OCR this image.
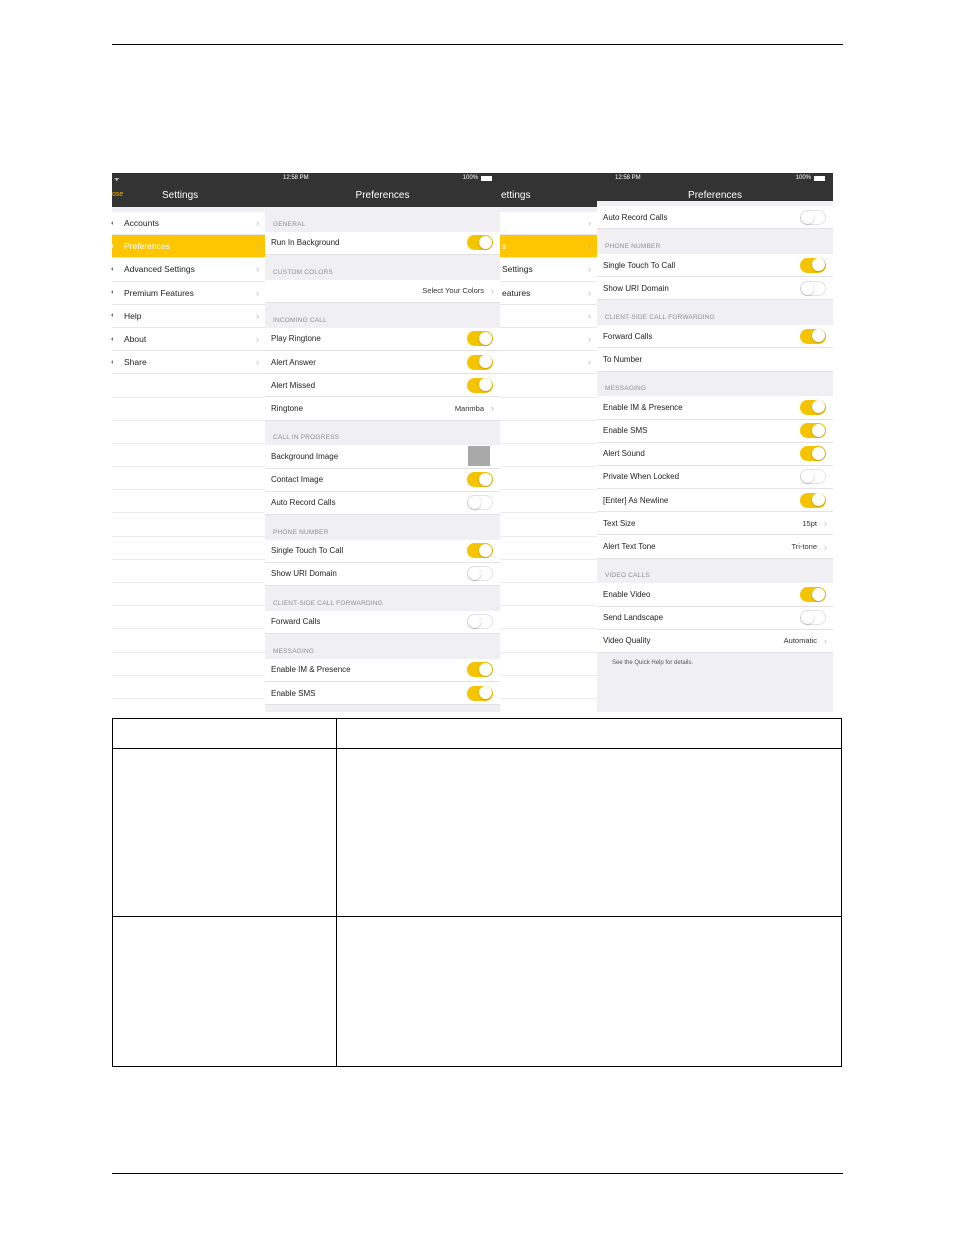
ᯤ
ose	Settings
◖ Accounts	›
◖ Preferences	›
◖ Advanced Settings	›
◖ Premium Features	›
◖ Help	›
◖ About	›
◖ Share	›
12:58 PM	100%
Preferences
GENERAL
Run In Background
CUSTOM COLORS
Select Your Colors ›
INCOMING CALL
Play Ringtone
Alert Answer
Alert Missed
Ringtone	Marimba ›
CALL IN PROGRESS
Background Image
Contact Image
Auto Record Calls
PHONE NUMBER
Single Touch To Call
Show URI Domain
CLIENT-SIDE CALL FORWARDING
Forward Calls
MESSAGING
Enable IM & Presence
Enable SMS
ettings
›
s	›
Settings	›
eatures	›
›
›
›
12:58 PM	100%
Preferences
Auto Record Calls
PHONE NUMBER
Single Touch To Call
Show URI Domain
CLIENT-SIDE CALL FORWARDING
Forward Calls
To Number
MESSAGING
Enable IM & Presence
Enable SMS
Alert Sound
Private When Locked
[Enter] As Newline
Text Size	15pt ›
Alert Text Tone	Tri-tone ›
VIDEO CALLS
Enable Video
Send Landscape
Video Quality	Automatic ›
See the Quick Help for details.
